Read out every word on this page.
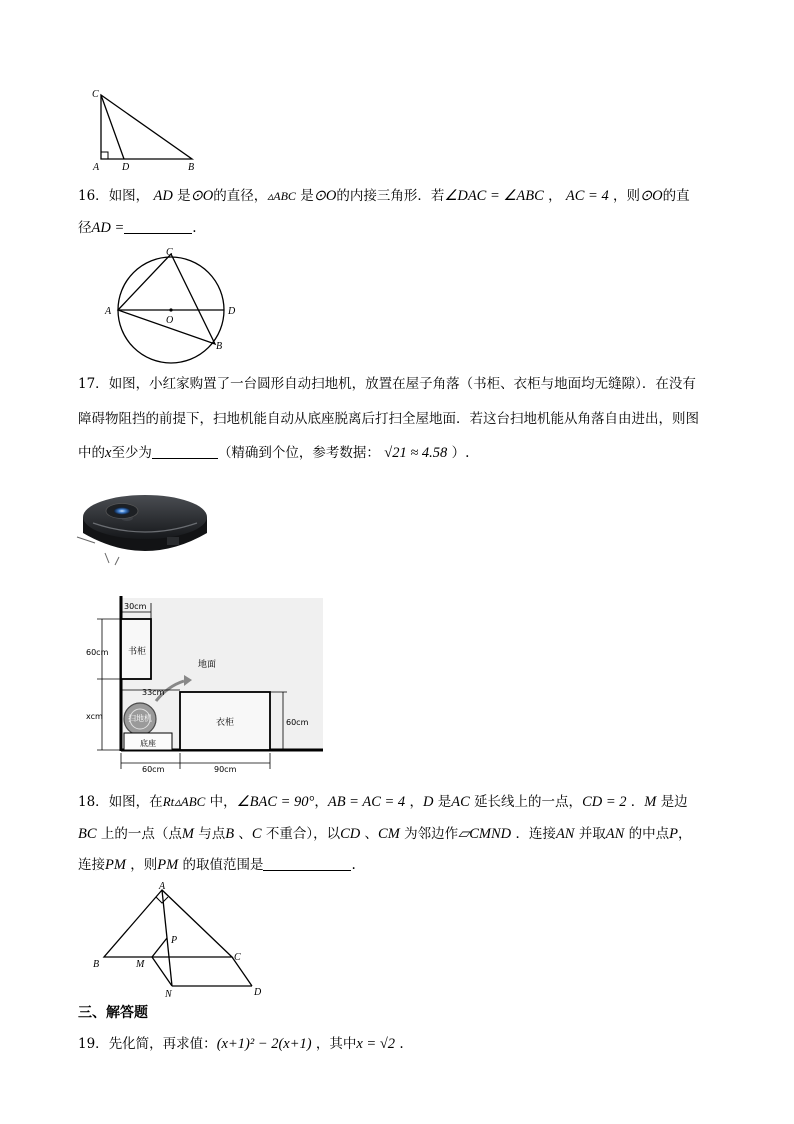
C
A D	B
16．如图， AD 是⊙O的直径，▵ABC 是⊙O的内接三角形．若∠DAC = ∠ABC ， AC = 4 ，则⊙O的直
径AD =	.
C
A	D
O
B
17．如图，小红家购置了一台圆形自动扫地机，放置在屋子角落（书柜、衣柜与地面均无缝隙）．在没有
障碍物阻挡的前提下，扫地机能自动从底座脱离后打扫全屋地面．若这台扫地机能从角落自由进出，则图
中的x至少为	（精确到个位，参考数据： √21 ≈ 4.58 ）.
30cm
60cm 书柜
地面
33cm
xcm	扫地机
底座
衣柜	60cm
60cm	90cm
18．如图，在Rt▵ABC 中，∠BAC = 90°，AB = AC = 4 ，D 是AC 延长线上的一点，CD = 2 ．M 是边
BC 上的一点（点M 与点B 、C 不重合），以CD 、CM 为邻边作▱CMND ．连接AN 并取AN 的中点P，
连接PM ，则PM 的取值范围是	.
A
B
C
D
M
N
P
三、解答题
19．先化简，再求值：(x+1)² − 2(x+1) ，其中x = √2 .
